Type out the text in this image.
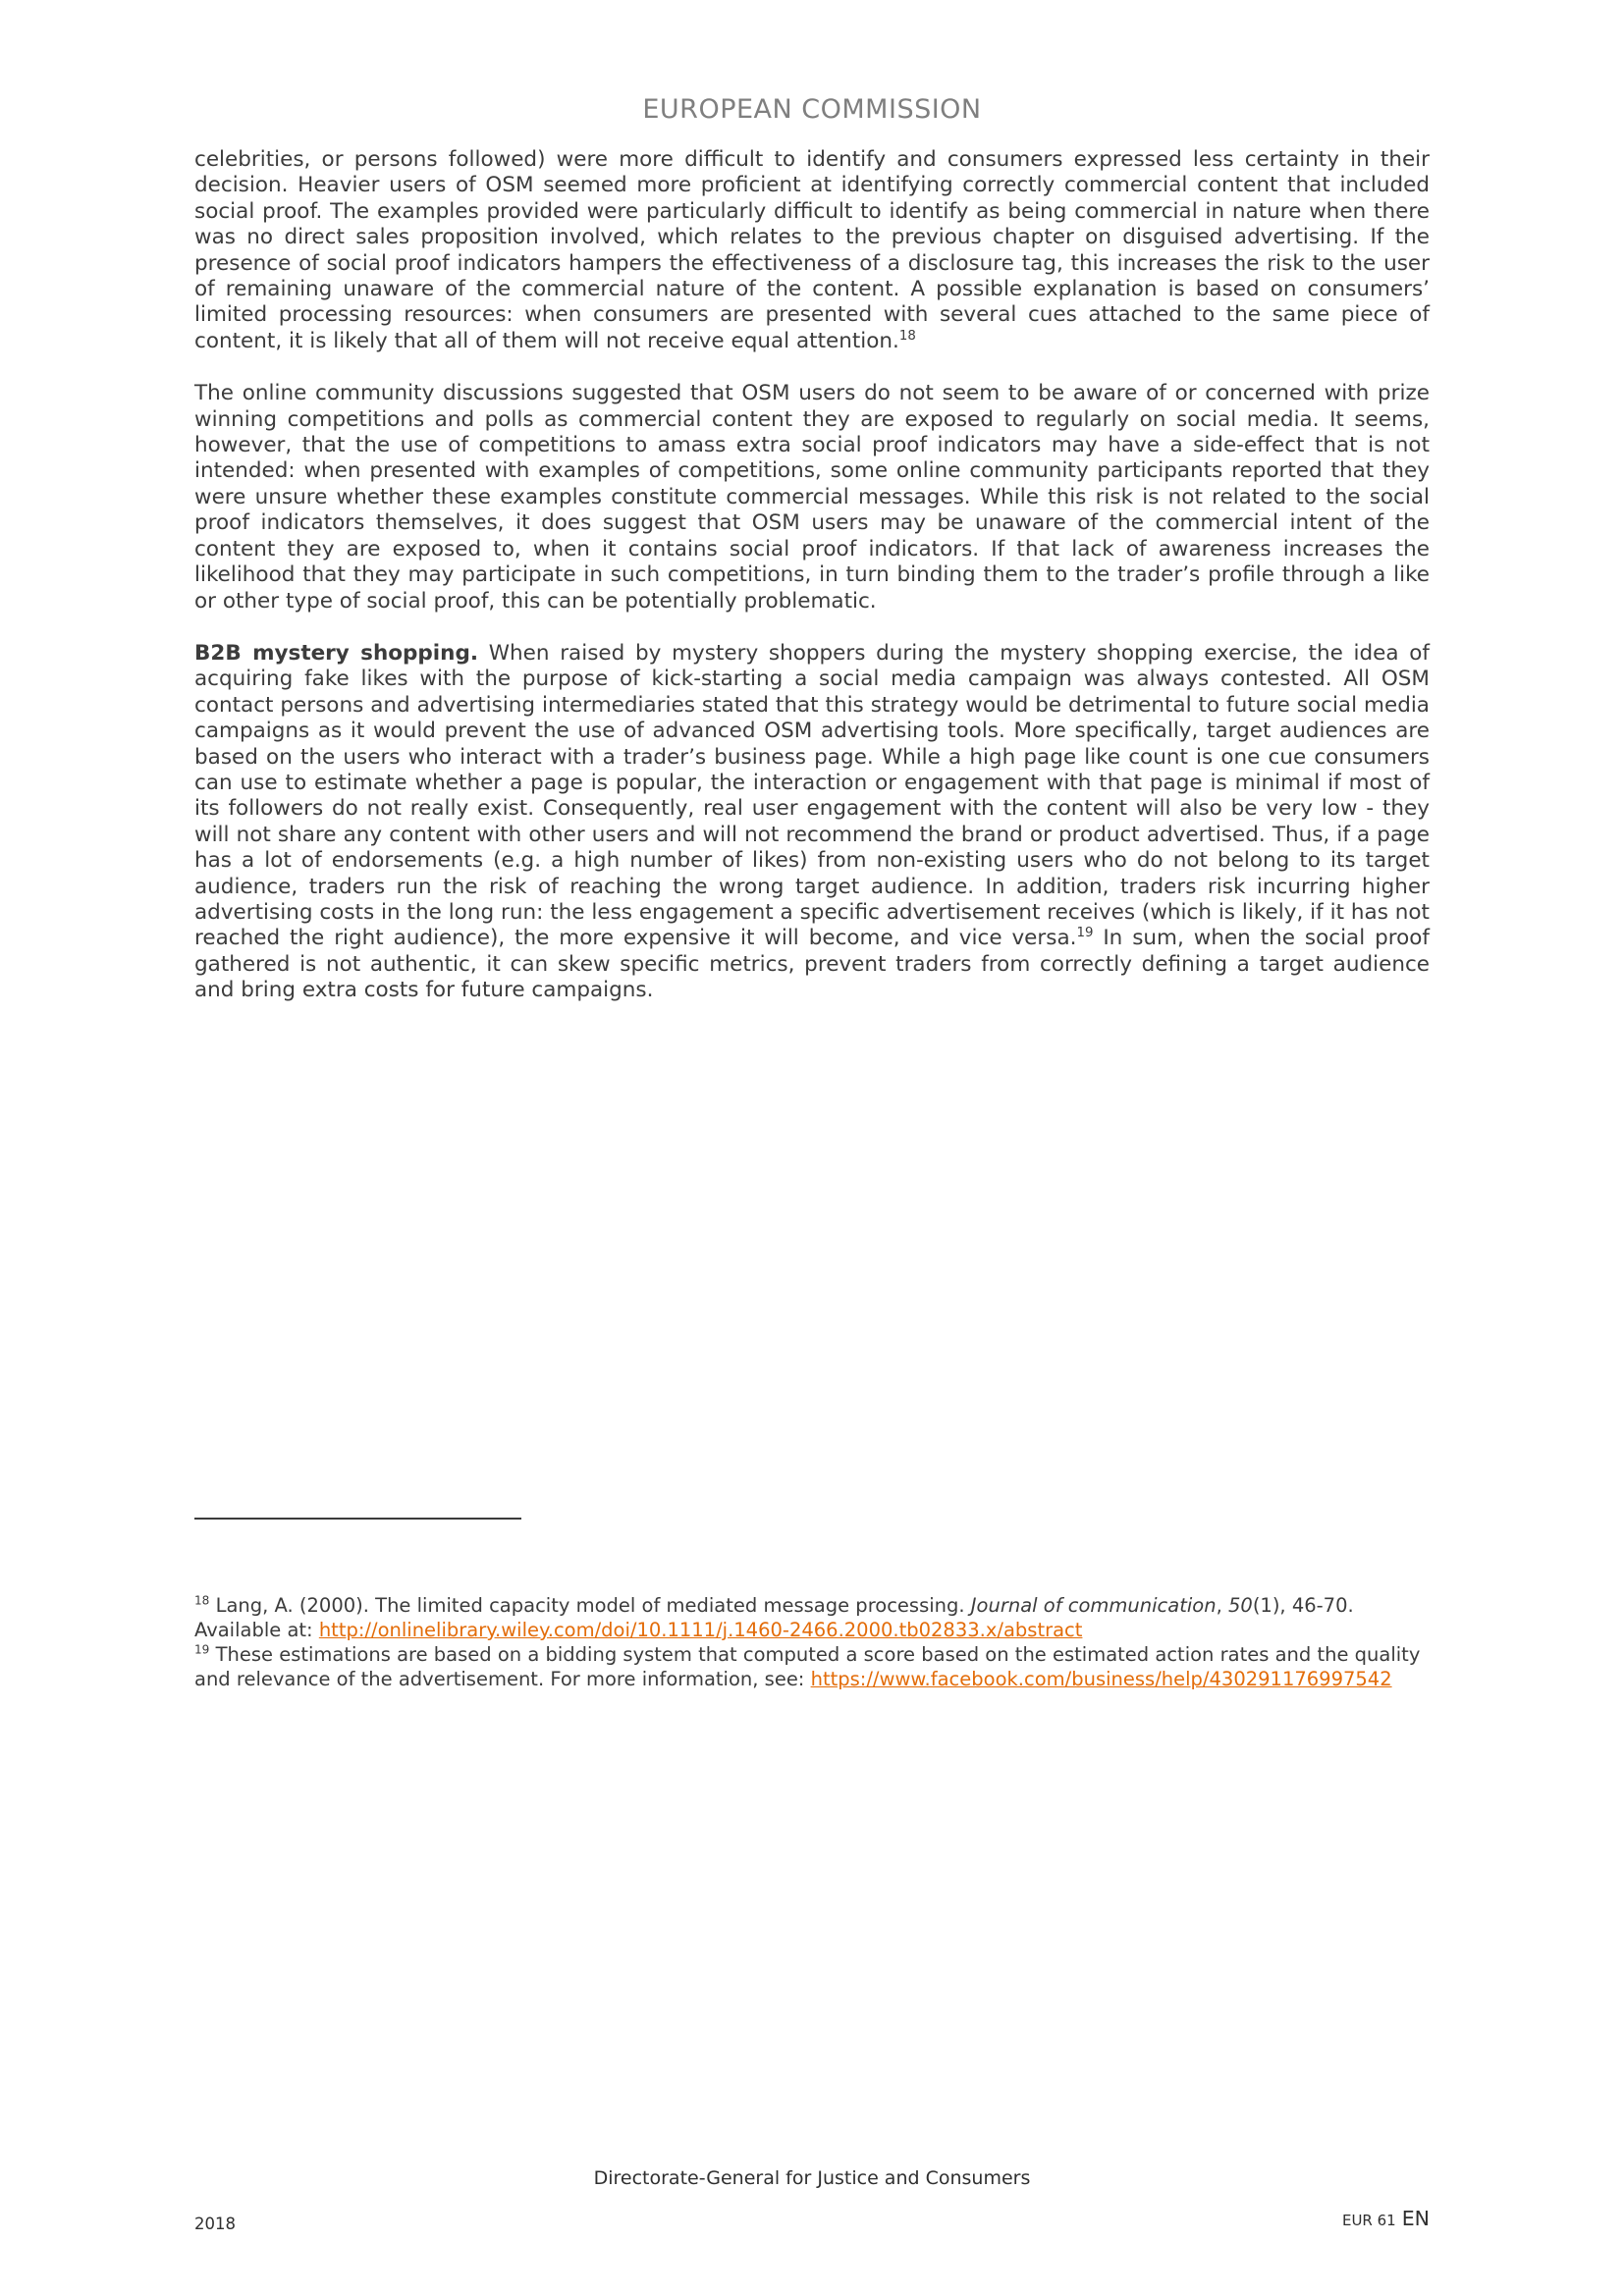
EUROPEAN COMMISSION

celebrities, or persons followed) were more difficult to identify and consumers expressed less certainty in their decision. Heavier users of OSM seemed more proficient at identifying correctly commercial content that included social proof. The examples provided were particularly difficult to identify as being commercial in nature when there was no direct sales proposition involved, which relates to the previous chapter on disguised advertising. If the presence of social proof indicators hampers the effectiveness of a disclosure tag, this increases the risk to the user of remaining unaware of the commercial nature of the content. A possible explanation is based on consumers’ limited processing resources: when consumers are presented with several cues attached to the same piece of content, it is likely that all of them will not receive equal attention.$^{18}$

The online community discussions suggested that OSM users do not seem to be aware of or concerned with prize winning competitions and polls as commercial content they are exposed to regularly on social media. It seems, however, that the use of competitions to amass extra social proof indicators may have a side-effect that is not intended: when presented with examples of competitions, some online community participants reported that they were unsure whether these examples constitute commercial messages. While this risk is not related to the social proof indicators themselves, it does suggest that OSM users may be unaware of the commercial intent of the content they are exposed to, when it contains social proof indicators. If that lack of awareness increases the likelihood that they may participate in such competitions, in turn binding them to the trader’s profile through a like or other type of social proof, this can be potentially problematic.

B2B mystery shopping. When raised by mystery shoppers during the mystery shopping exercise, the idea of acquiring fake likes with the purpose of kick-starting a social media campaign was always contested. All OSM contact persons and advertising intermediaries stated that this strategy would be detrimental to future social media campaigns as it would prevent the use of advanced OSM advertising tools. More specifically, target audiences are based on the users who interact with a trader’s business page. While a high page like count is one cue consumers can use to estimate whether a page is popular, the interaction or engagement with that page is minimal if most of its followers do not really exist. Consequently, real user engagement with the content will also be very low - they will not share any content with other users and will not recommend the brand or product advertised. Thus, if a page has a lot of endorsements (e.g. a high number of likes) from non-existing users who do not belong to its target audience, traders run the risk of reaching the wrong target audience. In addition, traders risk incurring higher advertising costs in the long run: the less engagement a specific advertisement receives (which is likely, if it has not reached the right audience), the more expensive it will become, and vice versa.$^{19}$ In sum, when the social proof gathered is not authentic, it can skew specific metrics, prevent traders from correctly defining a target audience and bring extra costs for future campaigns.

$^{18}$ Lang, A. (2000). The limited capacity model of mediated message processing. Journal of communication, 50(1), 46-70. Available at: http://onlinelibrary.wiley.com/doi/10.1111/j.1460-2466.2000.tb02833.x/abstract

$^{19}$ These estimations are based on a bidding system that computed a score based on the estimated action rates and the quality and relevance of the advertisement. For more information, see: https://www.facebook.com/business/help/430291176997542

Directorate-General for Justice and Consumers
2018	EUR 61 EN
